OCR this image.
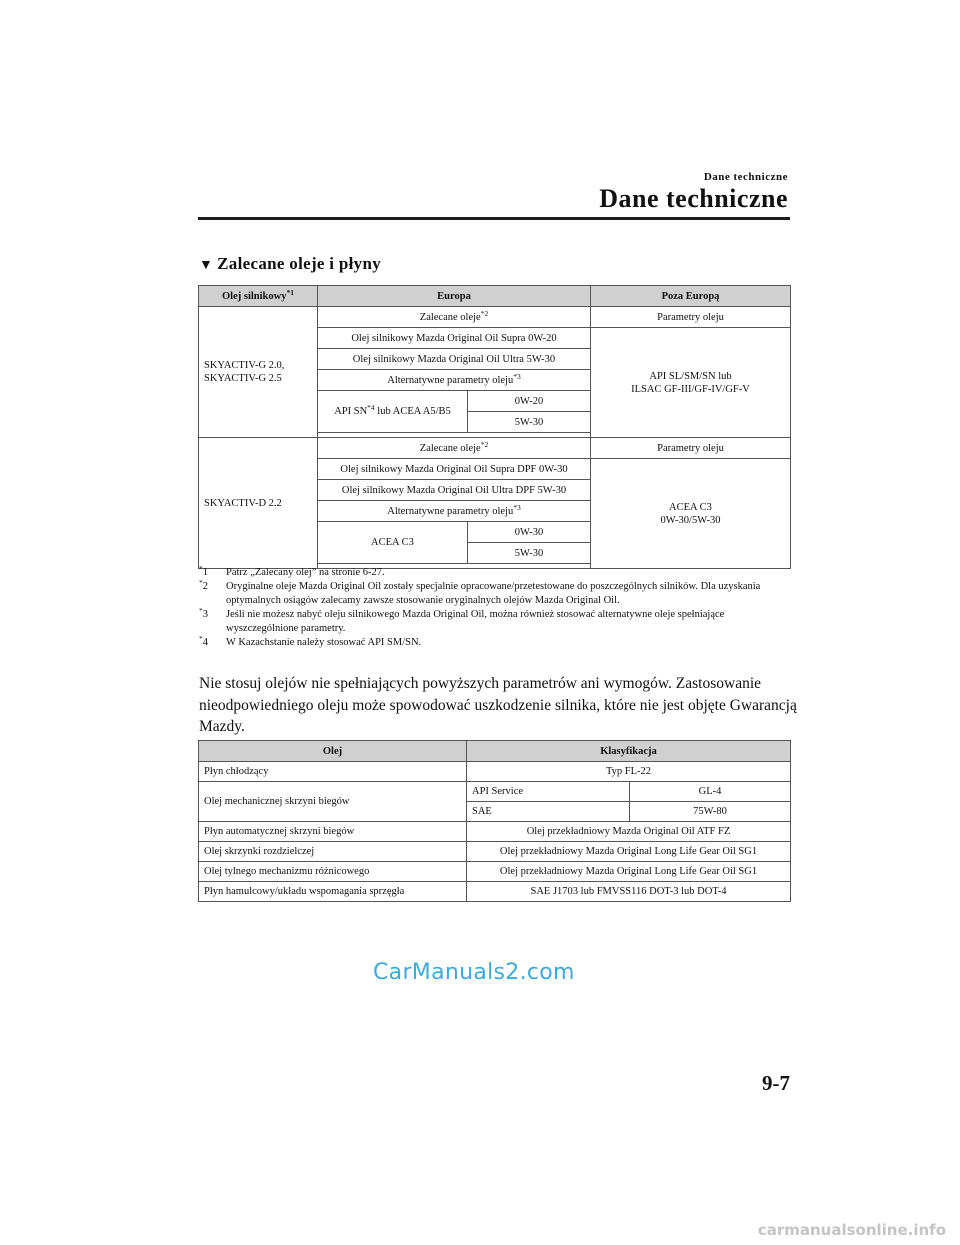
Dane techniczne
Dane techniczne
▼ Zalecane oleje i płyny
Olej silnikowy$^{*1}$	Europa		Poza Europą
SKYACTIV-G 2.0,
SKYACTIV-G 2.5	Zalecane oleje$^{*2}$		Parametry oleju
	Olej silnikowy Mazda Original Oil Supra 0W-20		API SL/SM/SN lub
ILSAC GF-III/GF-IV/GF-V
	Olej silnikowy Mazda Original Oil Ultra 5W-30		
	Alternatywne parametry oleju$^{*3}$
	API SN$^{*4}$ lub ACEA A5/B5	0W-20	
		5W-30	

SKYACTIV-D 2.2	Zalecane oleje$^{*2}$		Parametry oleju
	Olej silnikowy Mazda Original Oil Supra DPF 0W-30		ACEA C3
0W-30/5W-30
	Olej silnikowy Mazda Original Oil Ultra DPF 5W-30		
	Alternatywne parametry oleju$^{*3}$
	ACEA C3	0W-30	
		5W-30	

*1	Patrz „Zalecany olej” na stronie 6-27.
*2	Oryginalne oleje Mazda Original Oil zostały specjalnie opracowane/przetestowane do poszczególnych silników. Dla uzyskania optymalnych osiągów zalecamy zawsze stosowanie oryginalnych olejów Mazda Original Oil.
*3	Jeśli nie możesz nabyć oleju silnikowego Mazda Original Oil, można również stosować alternatywne oleje spełniające wyszczególnione parametry.
*4	W Kazachstanie należy stosować API SM/SN.
Nie stosuj olejów nie spełniających powyższych parametrów ani wymogów. Zastosowanie nieodpowiedniego oleju może spowodować uszkodzenie silnika, które nie jest objęte Gwarancją Mazdy.
Olej	Klasyfikacja	
Płyn chłodzący	Typ FL-22	
Olej mechanicznej skrzyni biegów	API Service	GL-4
	SAE	75W-80
Płyn automatycznej skrzyni biegów	Olej przekładniowy Mazda Original Oil ATF FZ	
Olej skrzynki rozdzielczej	Olej przekładniowy Mazda Original Long Life Gear Oil SG1	
Olej tylnego mechanizmu różnicowego	Olej przekładniowy Mazda Original Long Life Gear Oil SG1	
Płyn hamulcowy/układu wspomagania sprzęgła	SAE J1703 lub FMVSS116 DOT-3 lub DOT-4	
CarManuals2.com
9-7
carmanualsonline.info
